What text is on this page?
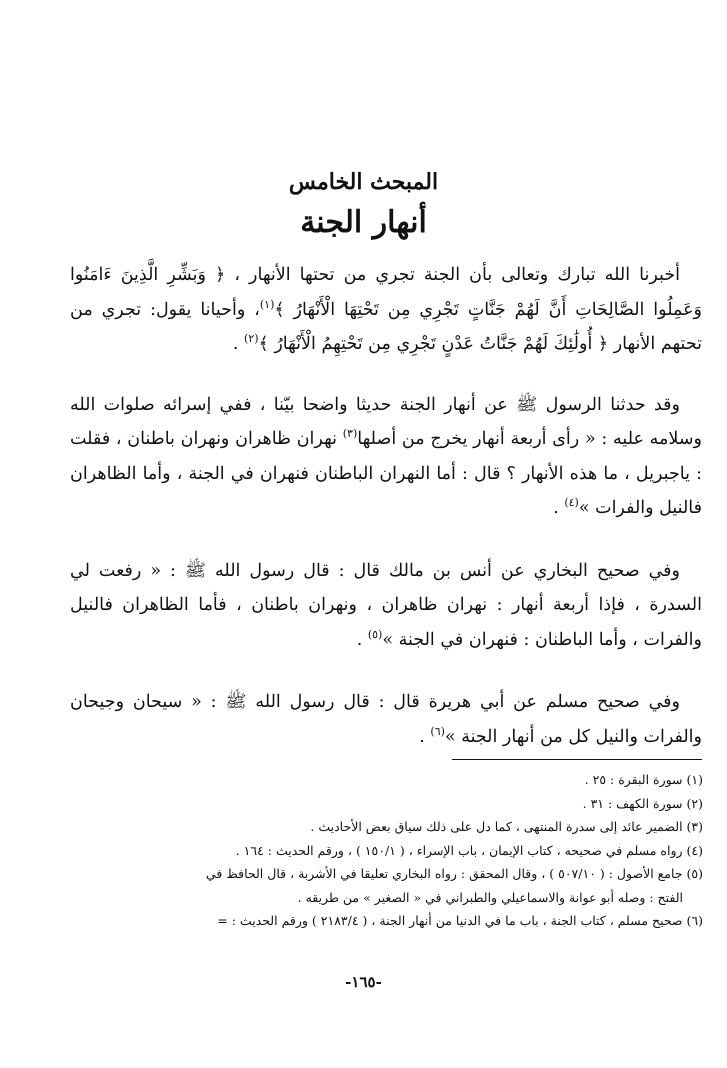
المبحث الخامس

أنهار الجنة

أخبرنا الله تبارك وتعالى بأن الجنة تجري من تحتها الأنهار ، ﴿ وَبَشِّرِ الَّذِينَ ءَامَنُوا وَعَمِلُوا الصَّالِحَاتِ أَنَّ لَهُمْ جَنَّاتٍ تَجْرِي مِن تَحْتِهَا الْأَنْهَارُ ﴾$^{(١)}$، وأحيانا يقول: تجري من تحتهم الأنهار ﴿ أُولَٰئِكَ لَهُمْ جَنَّاتُ عَدْنٍ تَجْرِي مِن تَحْتِهِمُ الْأَنْهَارُ ﴾$^{(٢)}$ .

وقد حدثنا الرسول ﷺ عن أنهار الجنة حديثا واضحا بيّنا ، ففي إسرائه صلوات الله وسلامه عليه : « رأى أربعة أنهار يخرج من أصلها$^{(٣)}$ نهران ظاهران ونهران باطنان ، فقلت : ياجبريل ، ما هذه الأنهار ؟ قال : أما النهران الباطنان فنهران في الجنة ، وأما الظاهران فالنيل والفرات »$^{(٤)}$ .

وفي صحيح البخاري عن أنس بن مالك قال : قال رسول الله ﷺ : « رفعت لي السدرة ، فإذا أربعة أنهار : نهران ظاهران ، ونهران باطنان ، فأما الظاهران فالنيل والفرات ، وأما الباطنان : فنهران في الجنة »$^{(٥)}$ .

وفي صحيح مسلم عن أبي هريرة قال : قال رسول الله ﷺ : « سيحان وجيحان والفرات والنيل كل من أنهار الجنة »$^{(٦)}$ .

(١) سورة البقرة : ٢٥ .

(٢) سورة الكهف : ٣١ .

(٣) الضمير عائد إلى سدرة المنتهى ، كما دل على ذلك سياق بعض الأحاديث .

(٤) رواه مسلم في صحيحه ، كتاب الإيمان ، باب الإسراء ، ( ١٥٠/١ ) ، ورقم الحديث : ١٦٤ .

(٥) جامع الأصول : ( ٥٠٧/١٠ ) ، وقال المحقق : رواه البخاري تعليقا في الأشربة ، قال الحافظ في

الفتح : وصله أبو عوانة والاسماعيلي والطبراني في « الصغير » من طريقه .

(٦) صحيح مسلم ، كتاب الجنة ، باب ما في الدنيا من أنهار الجنة ، ( ٢١٨٣/٤ ) ورقم الحديث : =

-١٦٥-
